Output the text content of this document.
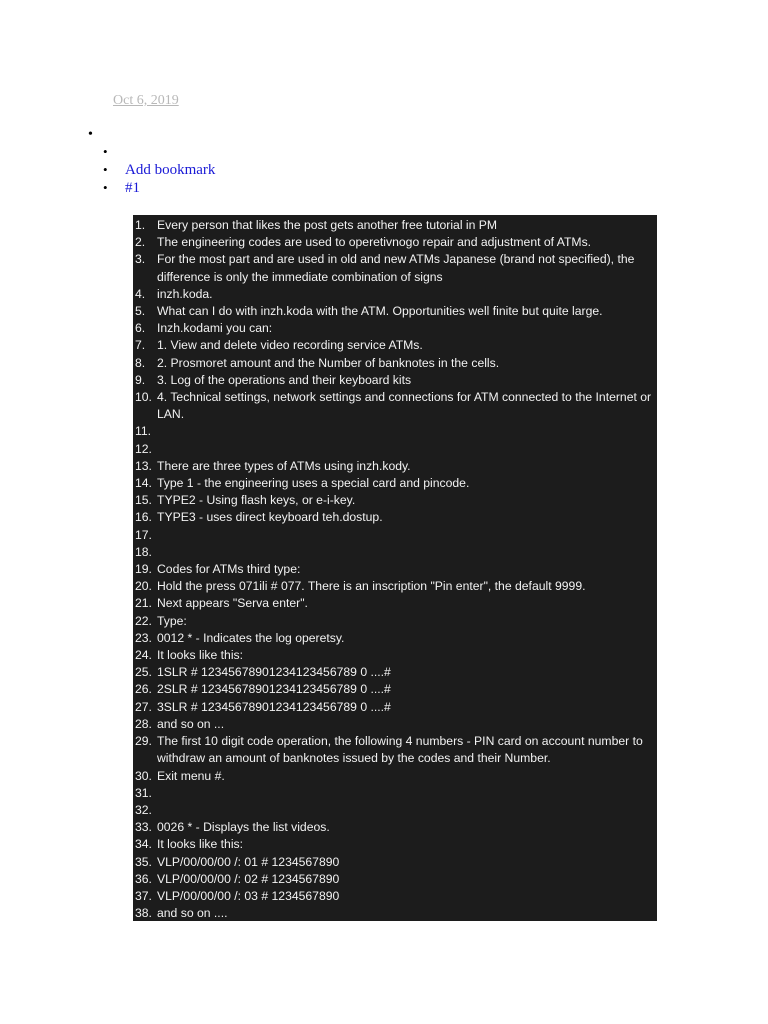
Oct 6, 2019
•
•
• Add bookmark
• #1
1. Every person that likes the post gets another free tutorial in PM
2. The engineering codes are used to operetivnogo repair and adjustment of ATMs.
3. For the most part and are used in old and new ATMs Japanese (brand not specified), the difference is only the immediate combination of signs
4. inzh.koda.
5. What can I do with inzh.koda with the ATM. Opportunities well finite but quite large.
6. Inzh.kodami you can:
7. 1. View and delete video recording service ATMs.
8. 2. Prosmoret amount and the Number of banknotes in the cells.
9. 3. Log of the operations and their keyboard kits
10. 4. Technical settings, network settings and connections for ATM connected to the Internet or LAN.
11.
12.
13. There are three types of ATMs using inzh.kody.
14. Type 1 - the engineering uses a special card and pincode.
15. TYPE2 - Using flash keys, or e-i-key.
16. TYPE3 - uses direct keyboard teh.dostup.
17.
18.
19. Codes for ATMs third type:
20. Hold the press 071ili # 077. There is an inscription "Pin enter", the default 9999.
21. Next appears "Serva enter".
22. Type:
23. 0012 * - Indicates the log operetsy.
24. It looks like this:
25. 1SLR # 12345678901234123456789 0 ....#
26. 2SLR # 12345678901234123456789 0 ....#
27. 3SLR # 12345678901234123456789 0 ....#
28. and so on ...
29. The first 10 digit code operation, the following 4 numbers - PIN card on account number to withdraw an amount of banknotes issued by the codes and their Number.
30. Exit menu #.
31.
32.
33. 0026 * - Displays the list videos.
34. It looks like this:
35. VLP/00/00/00 /: 01 # 1234567890
36. VLP/00/00/00 /: 02 # 1234567890
37. VLP/00/00/00 /: 03 # 1234567890
38. and so on ....
